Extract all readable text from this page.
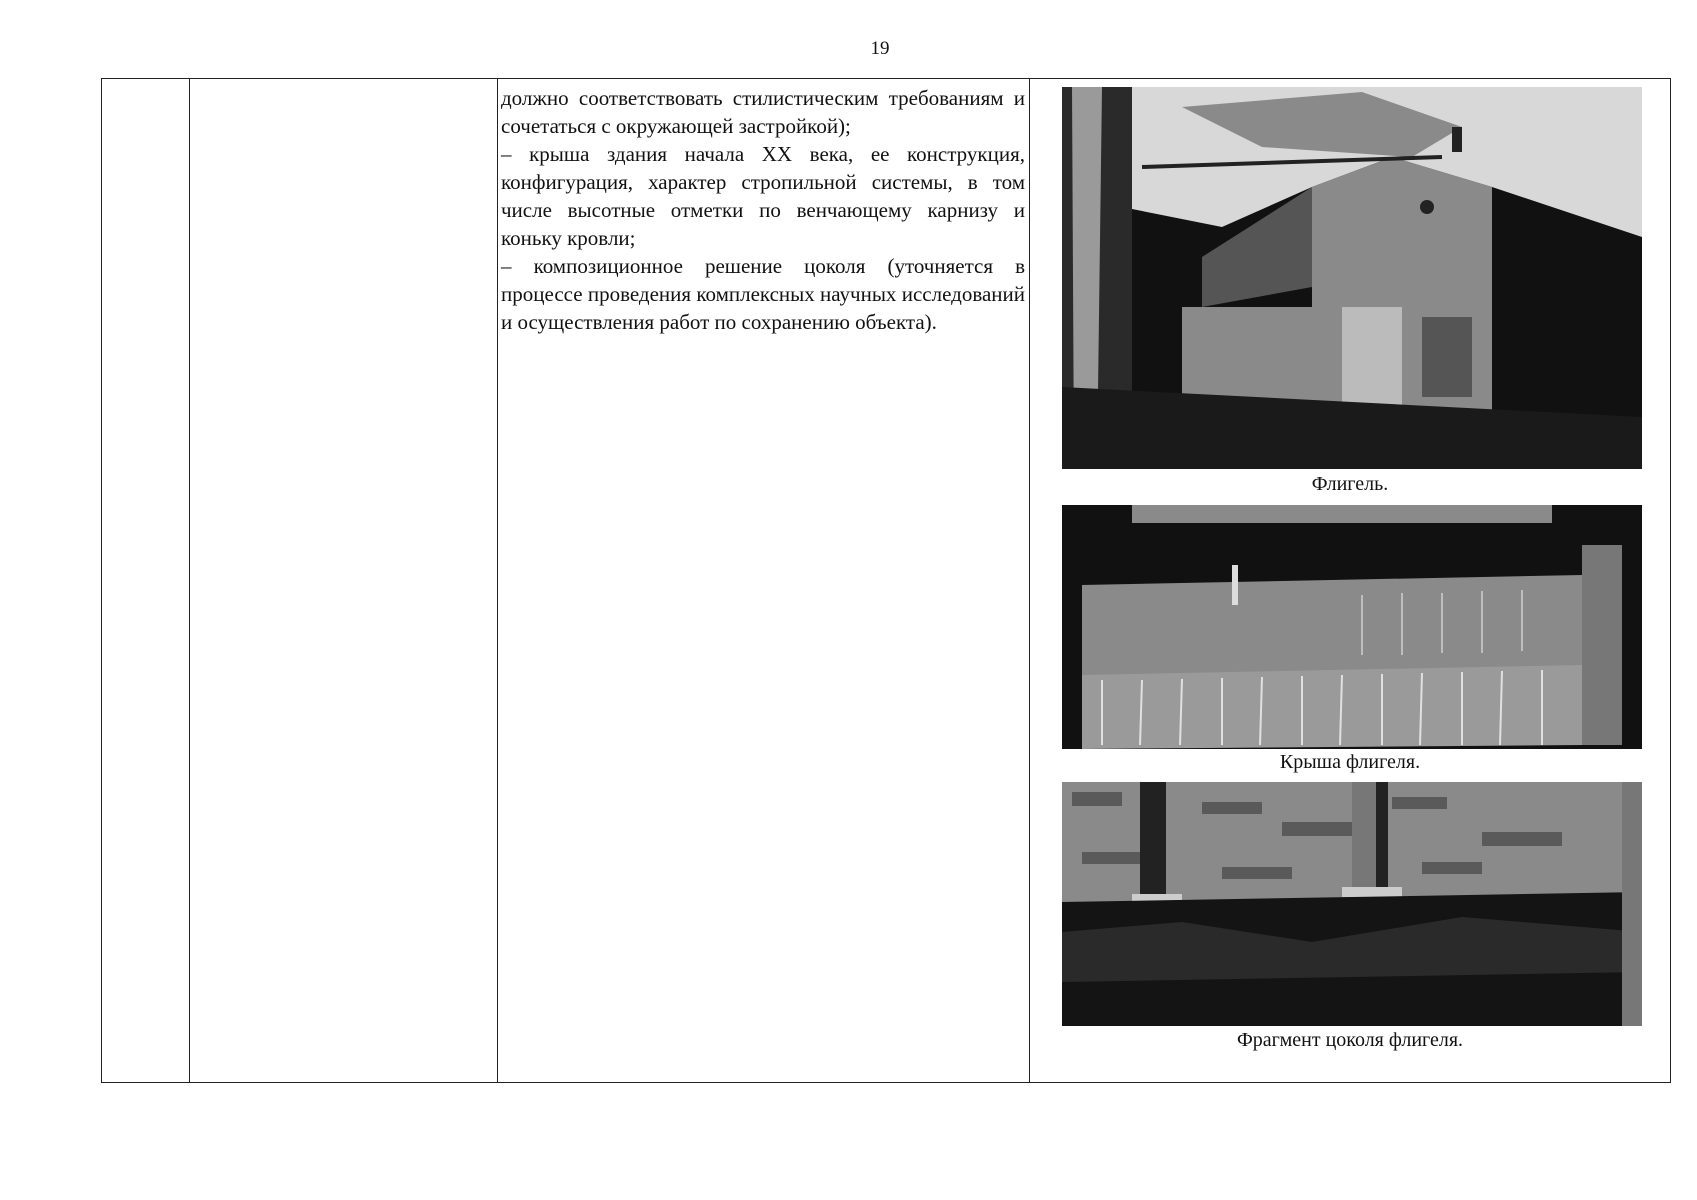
19

должно соответствовать стилистическим требованиям и сочетаться с окружающей застройкой);

– крыша здания начала XX века, ее конструкция, конфигурация, характер стропильной системы, в том числе высотные отметки по венчающему карнизу и коньку кровли;

– композиционное решение цоколя (уточняется в процессе проведения комплексных научных исследований и осуществления работ по сохранению объекта).

Флигель.
Крыша флигеля.
Фрагмент цоколя флигеля.
